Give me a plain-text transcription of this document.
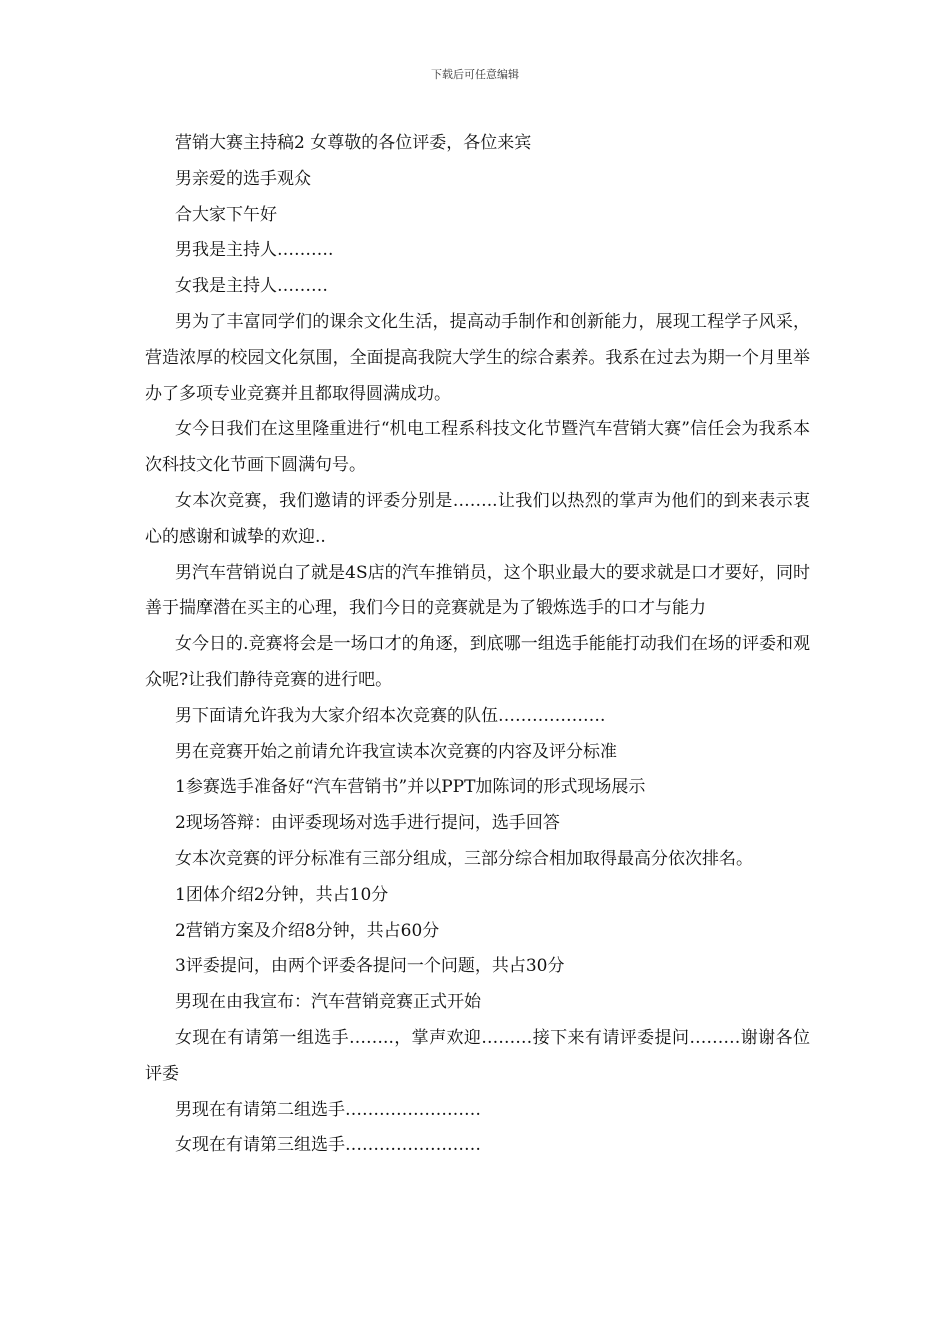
下载后可任意编辑

营销大赛主持稿2 女尊敬的各位评委，各位来宾

男亲爱的选手观众

合大家下午好

男我是主持人……….

女我是主持人………

男为了丰富同学们的课余文化生活，提高动手制作和创新能力，展现工程学子风采，营造浓厚的校园文化氛围，全面提高我院大学生的综合素养。我系在过去为期一个月里举办了多项专业竞赛并且都取得圆满成功。

女今日我们在这里隆重进行“机电工程系科技文化节暨汽车营销大赛”信任会为我系本次科技文化节画下圆满句号。

女本次竞赛，我们邀请的评委分别是……..让我们以热烈的掌声为他们的到来表示衷心的感谢和诚挚的欢迎..

男汽车营销说白了就是4S店的汽车推销员，这个职业最大的要求就是口才要好，同时善于揣摩潜在买主的心理，我们今日的竞赛就是为了锻炼选手的口才与能力

女今日的.竞赛将会是一场口才的角逐，到底哪一组选手能能打动我们在场的评委和观众呢?让我们静待竞赛的进行吧。

男下面请允许我为大家介绍本次竞赛的队伍……………….

男在竞赛开始之前请允许我宣读本次竞赛的内容及评分标准

1参赛选手准备好“汽车营销书”并以PPT加陈词的形式现场展示

2现场答辩：由评委现场对选手进行提问，选手回答

女本次竞赛的评分标准有三部分组成，三部分综合相加取得最高分依次排名。

1团体介绍2分钟，共占10分

2营销方案及介绍8分钟，共占60分

3评委提问，由两个评委各提问一个问题，共占30分

男现在由我宣布：汽车营销竞赛正式开始

女现在有请第一组选手……..，掌声欢迎………接下来有请评委提问………谢谢各位评委

男现在有请第二组选手……………………

女现在有请第三组选手……………………
